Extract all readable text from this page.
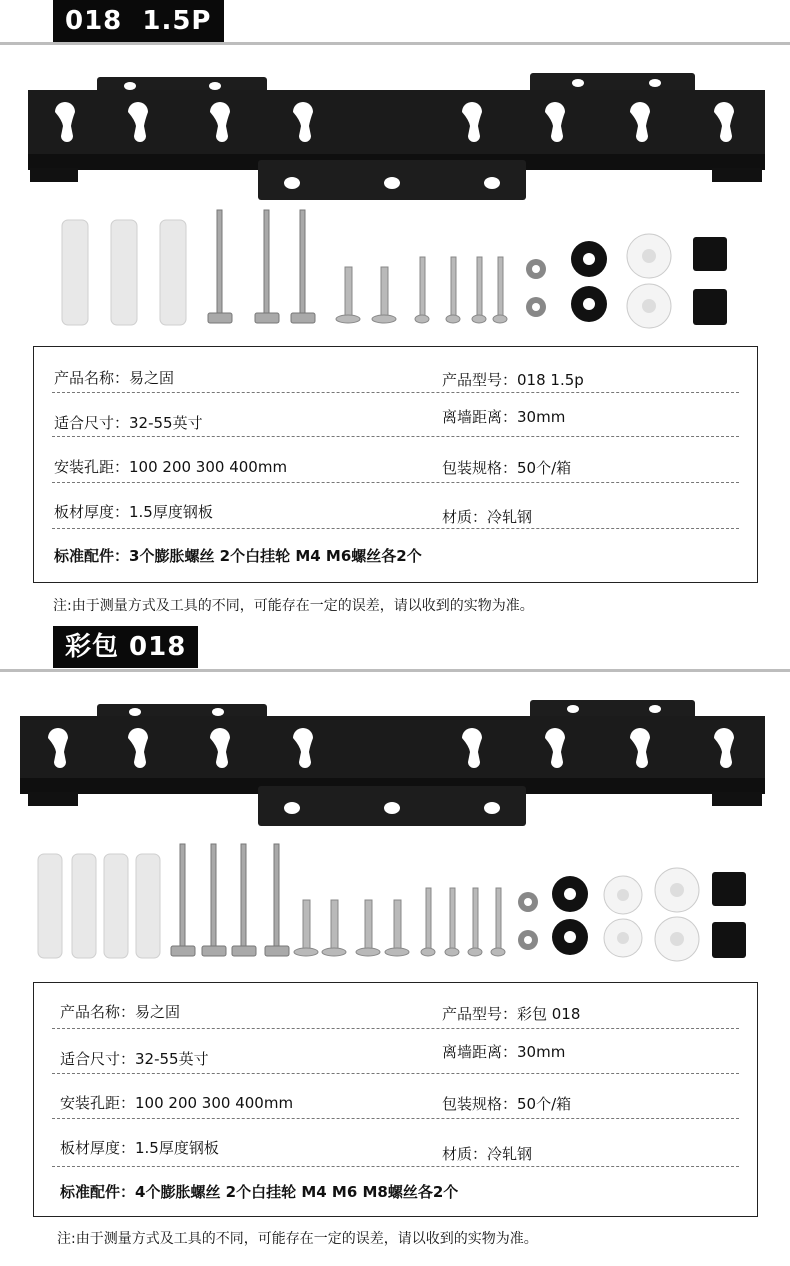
018  1.5P
产品名称：易之固	产品型号：018 1.5p
适合尺寸：32-55英寸	离墙距离：30mm
安装孔距：100 200 300 400mm	包装规格：50个/箱
板材厚度：1.5厚度钢板	材质：冷轧钢
标准配件：3个膨胀螺丝 2个白挂轮 M4 M6螺丝各2个
注:由于测量方式及工具的不同，可能存在一定的误差，请以收到的实物为准。
彩包 018
产品名称：易之固	产品型号：彩包 018
适合尺寸：32-55英寸	离墙距离：30mm
安装孔距：100 200 300 400mm	包装规格：50个/箱
板材厚度：1.5厚度钢板	材质：冷轧钢
标准配件：4个膨胀螺丝 2个白挂轮 M4 M6 M8螺丝各2个
注:由于测量方式及工具的不同，可能存在一定的误差，请以收到的实物为准。
